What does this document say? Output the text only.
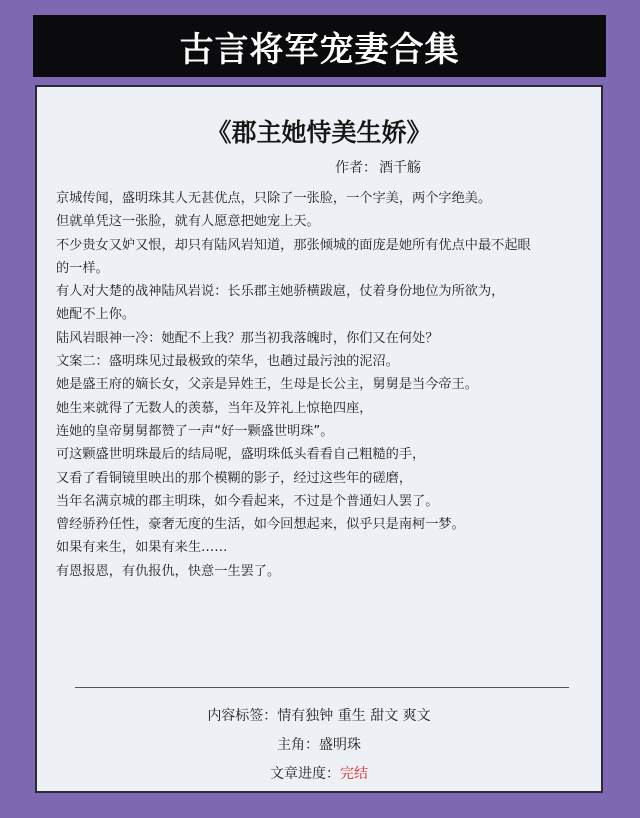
古言将军宠妻合集
《郡主她恃美生娇》
作者： 酒千觞
京城传闻，盛明珠其人无甚优点，只除了一张脸，一个字美，两个字绝美。
但就单凭这一张脸，就有人愿意把她宠上天。
不少贵女又妒又恨，却只有陆风岩知道，那张倾城的面庞是她所有优点中最不起眼
的一样。
有人对大楚的战神陆风岩说：长乐郡主她骄横跋扈，仗着身份地位为所欲为，
她配不上你。
陆风岩眼神一冷：她配不上我？那当初我落魄时，你们又在何处？
文案二：盛明珠见过最极致的荣华，也趟过最污浊的泥沼。
她是盛王府的嫡长女，父亲是异姓王，生母是长公主，舅舅是当今帝王。
她生来就得了无数人的羡慕，当年及笄礼上惊艳四座，
连她的皇帝舅舅都赞了一声“好一颗盛世明珠”。
可这颗盛世明珠最后的结局呢，盛明珠低头看看自己粗糙的手，
又看了看铜镜里映出的那个模糊的影子，经过这些年的磋磨，
当年名满京城的郡主明珠，如今看起来，不过是个普通妇人罢了。
曾经骄矜任性，豪奢无度的生活，如今回想起来，似乎只是南柯一梦。
如果有来生，如果有来生……
有恩报恩，有仇报仇，快意一生罢了。
内容标签：情有独钟 重生 甜文 爽文
主角：盛明珠
文章进度：完结
